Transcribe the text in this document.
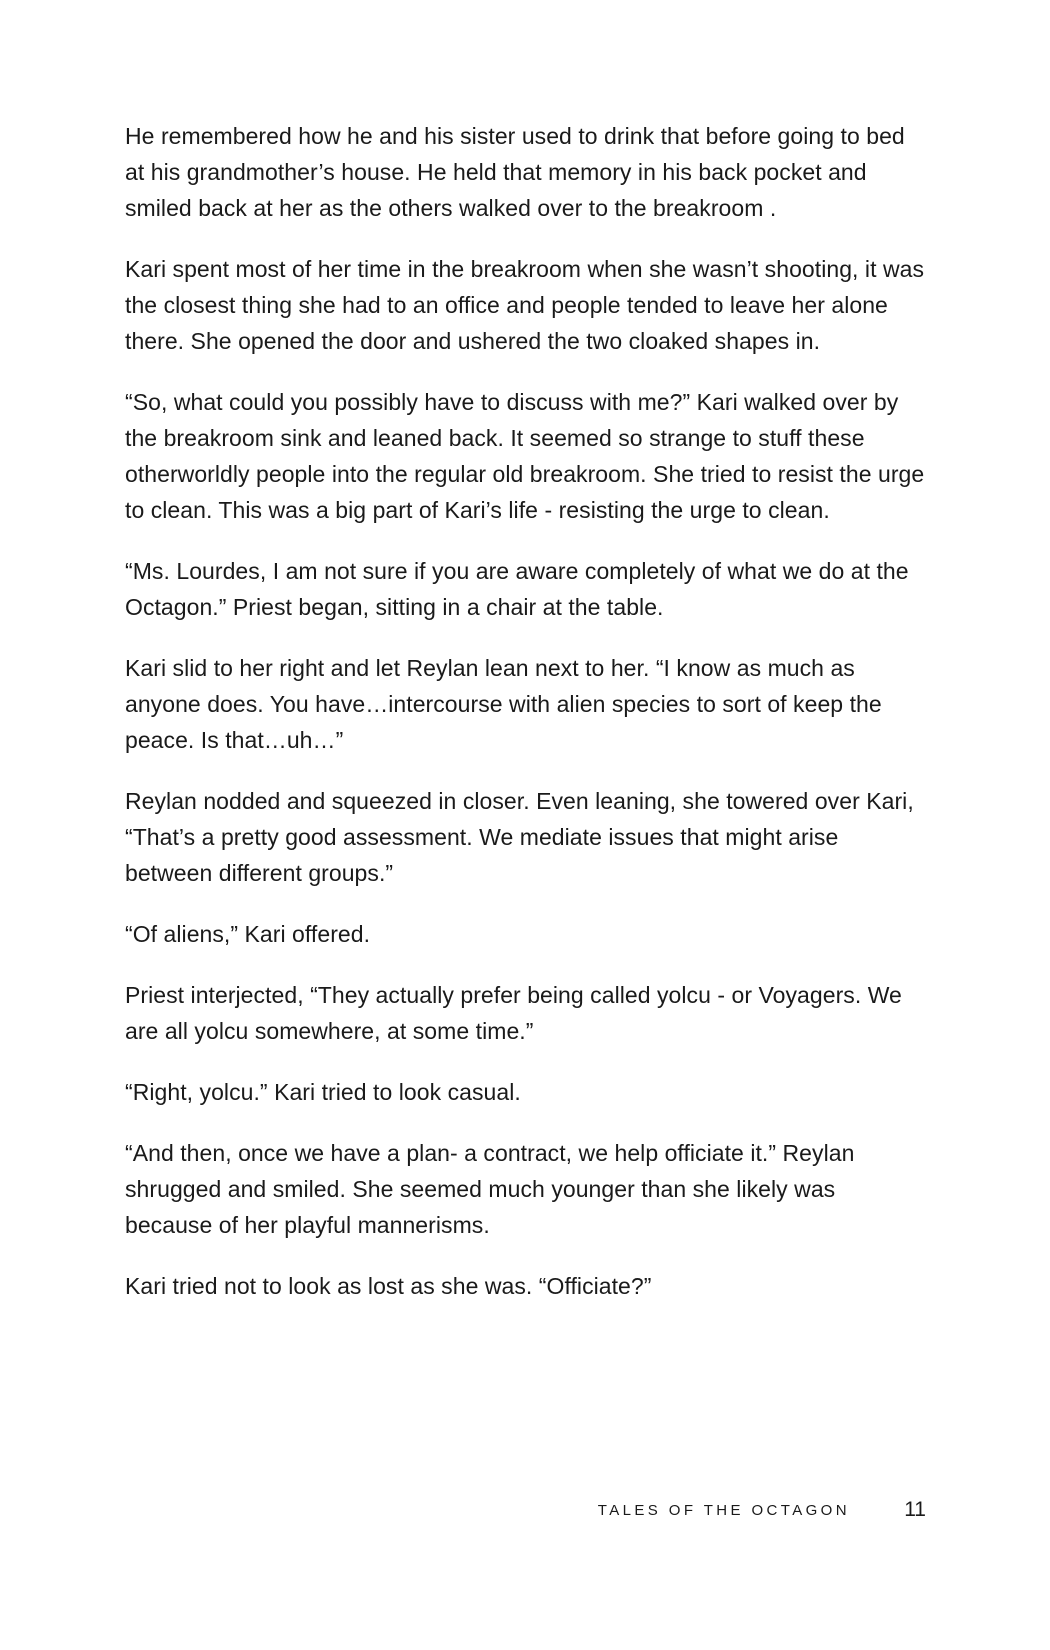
He remembered how he and his sister used to drink that before going to bed at his grandmother’s house. He held that memory in his back pocket and smiled back at her as the others walked over to the breakroom .

Kari spent most of her time in the breakroom when she wasn’t shooting, it was the closest thing she had to an office and people tended to leave her alone there. She opened the door and ushered the two cloaked shapes in.

“So, what could you possibly have to discuss with me?” Kari walked over by the breakroom sink and leaned back. It seemed so strange to stuff these otherworldly people into the regular old breakroom. She tried to resist the urge to clean. This was a big part of Kari’s life - resisting the urge to clean.

“Ms. Lourdes, I am not sure if you are aware completely of what we do at the Octagon.” Priest began, sitting in a chair at the table.

Kari slid to her right and let Reylan lean next to her. “I know as much as anyone does. You have…intercourse with alien species to sort of keep the peace. Is that…uh…”

Reylan nodded and squeezed in closer. Even leaning, she towered over Kari, “That’s a pretty good assessment. We mediate issues that might arise between different groups.”

“Of aliens,” Kari offered.

Priest interjected, “They actually prefer being called yolcu - or Voyagers. We are all yolcu somewhere, at some time.”

“Right, yolcu.” Kari tried to look casual.

“And then, once we have a plan- a contract, we help officiate it.” Reylan shrugged and smiled. She seemed much younger than she likely was because of her playful mannerisms.

Kari tried not to look as lost as she was. “Officiate?”

TALES OF THE OCTAGON	11
